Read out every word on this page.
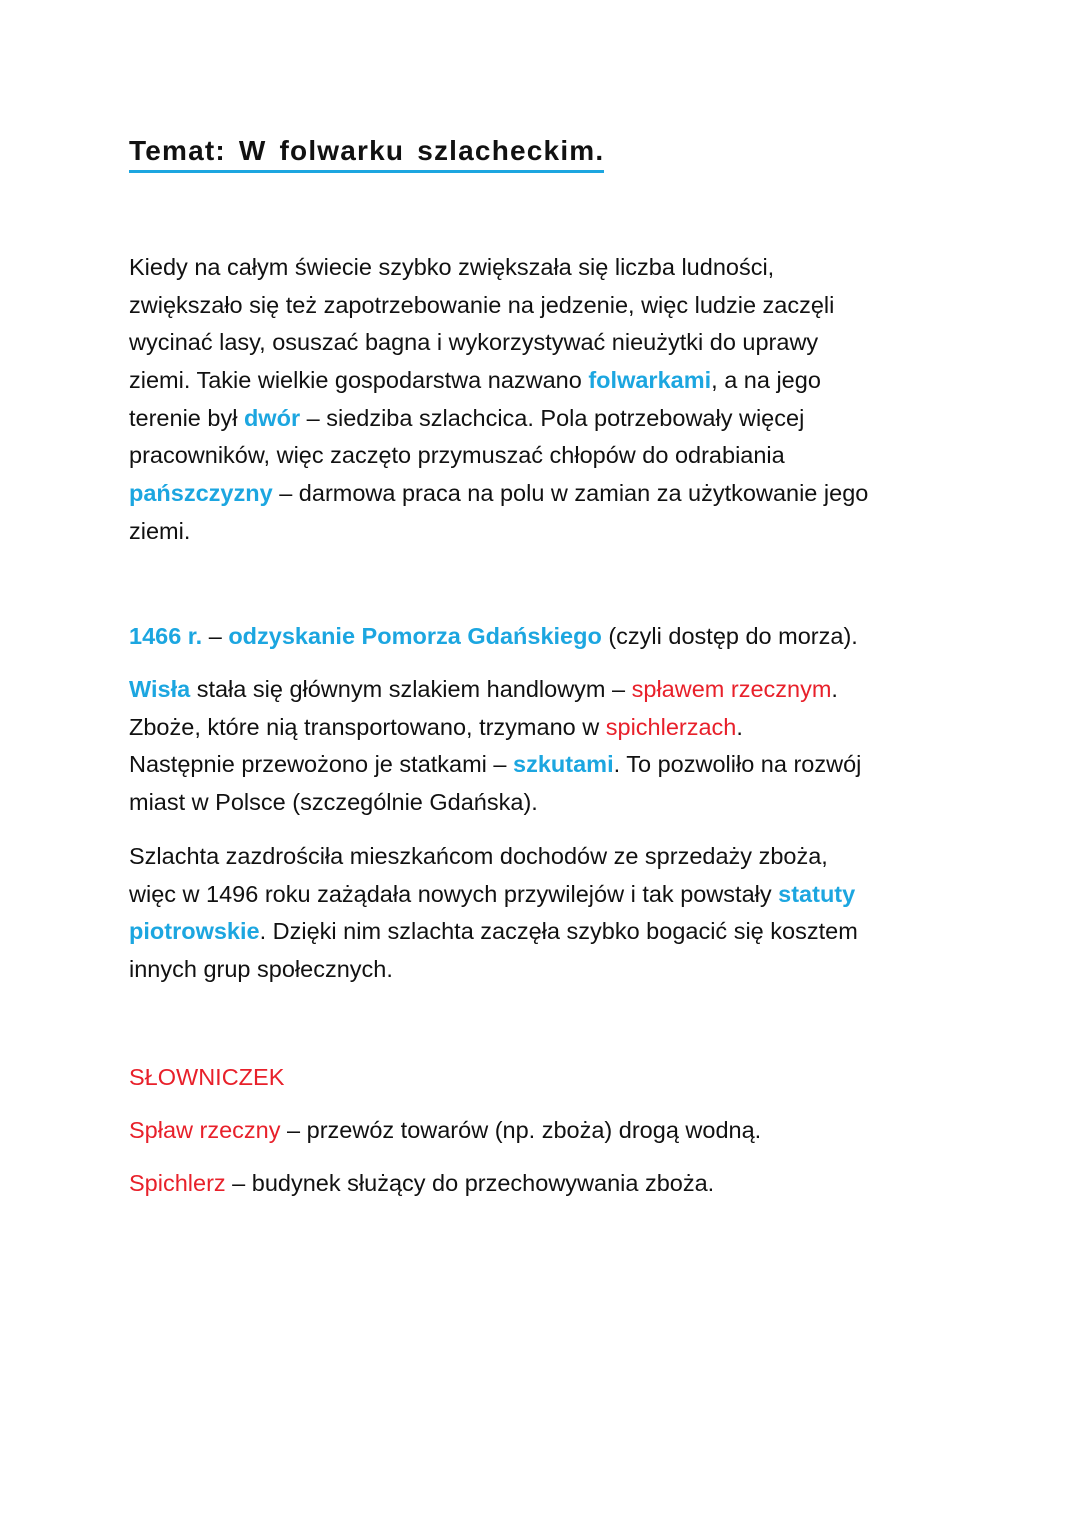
Temat: W folwarku szlacheckim.
Kiedy na całym świecie szybko zwiększała się liczba ludności,
zwiększało się też zapotrzebowanie na jedzenie, więc ludzie zaczęli
wycinać lasy, osuszać bagna i wykorzystywać nieużytki do uprawy
ziemi. Takie wielkie gospodarstwa nazwano folwarkami, a na jego
terenie był dwór – siedziba szlachcica. Pola potrzebowały więcej
pracowników, więc zaczęto przymuszać chłopów do odrabiania
pańszczyzny – darmowa praca na polu w zamian za użytkowanie jego
ziemi.
1466 r. – odzyskanie Pomorza Gdańskiego (czyli dostęp do morza).
Wisła stała się głównym szlakiem handlowym – spławem rzecznym.
Zboże, które nią transportowano, trzymano w spichlerzach.
Następnie przewożono je statkami – szkutami. To pozwoliło na rozwój
miast w Polsce (szczególnie Gdańska).
Szlachta zazdrościła mieszkańcom dochodów ze sprzedaży zboża,
więc w 1496 roku zażądała nowych przywilejów i tak powstały statuty
piotrowskie. Dzięki nim szlachta zaczęła szybko bogacić się kosztem
innych grup społecznych.
SŁOWNICZEK
Spław rzeczny – przewóz towarów (np. zboża) drogą wodną.
Spichlerz – budynek służący do przechowywania zboża.
